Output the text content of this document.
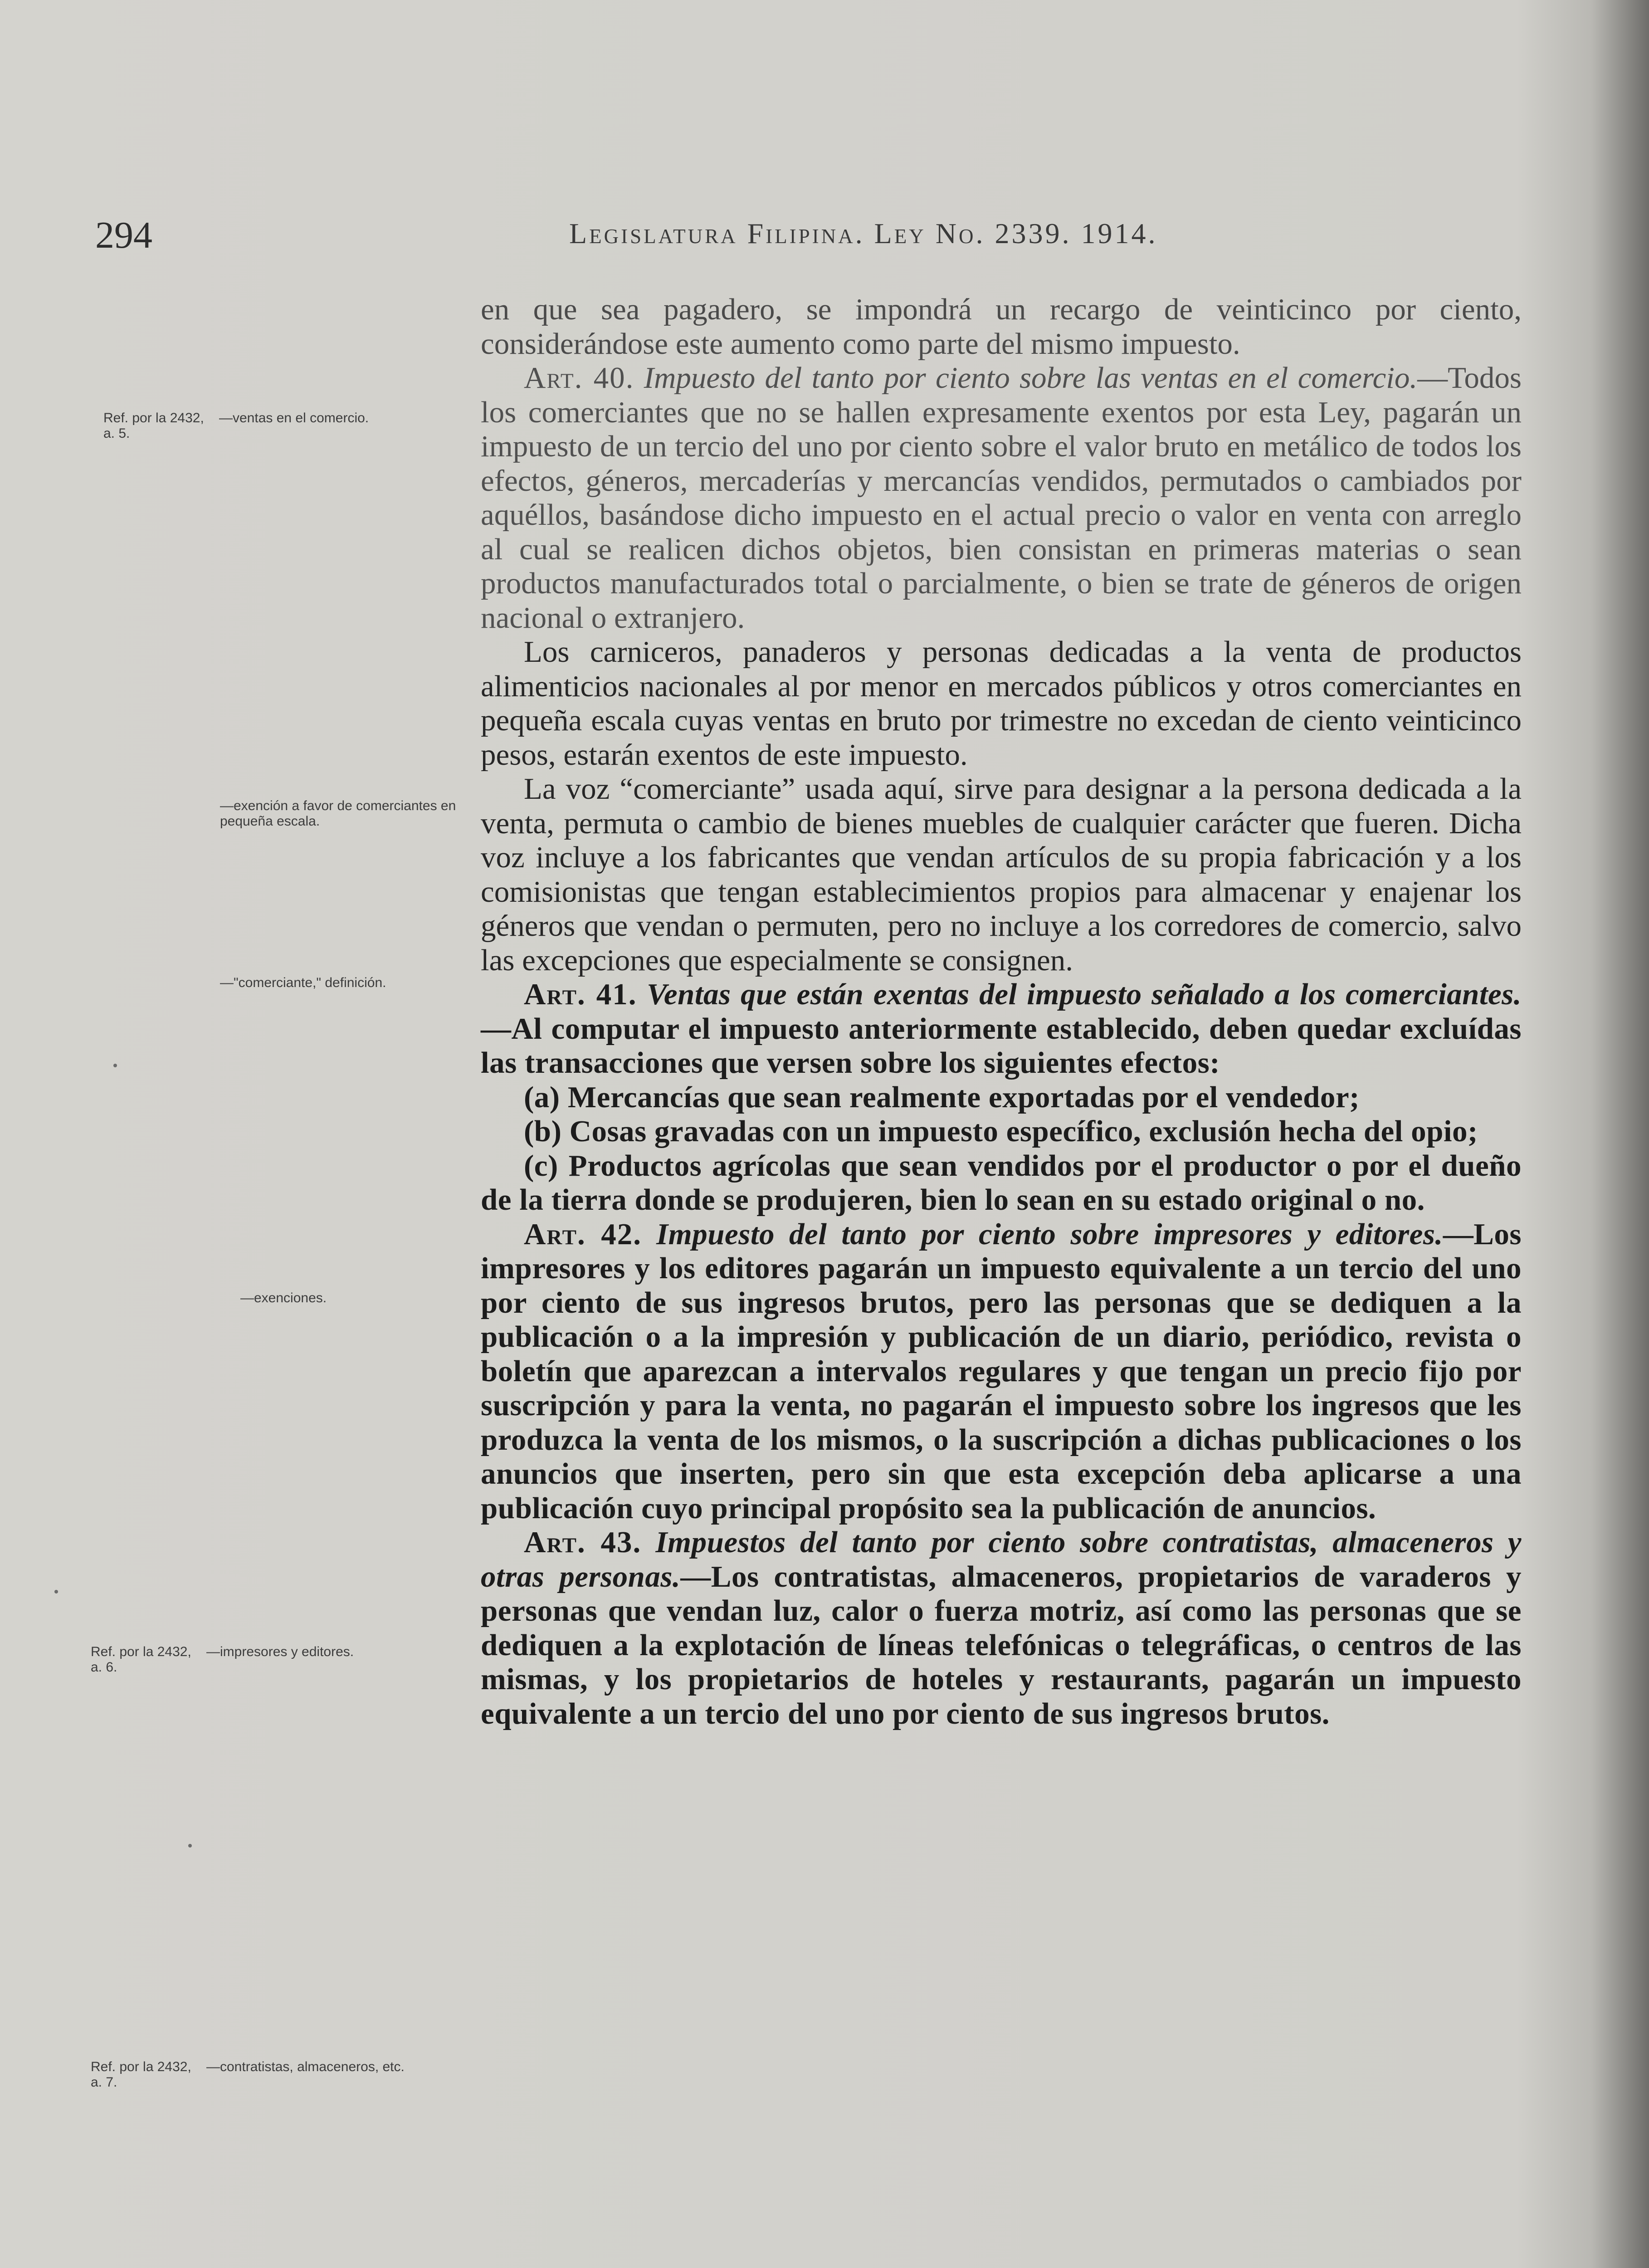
294	Legislatura Filipina. Ley No. 2339. 1914.
Ref. por la 2432, a. 5.
—ventas en el comercio.
—exención a favor de comerciantes en pequeña escala.
—"comerciante," definición.
—exenciones.
Ref. por la 2432, a. 6.
—impresores y editores.
Ref. por la 2432, a. 7.
—contratistas, almaceneros, etc.

en que sea pagadero, se impondrá un recargo de veinticinco por ciento, considerándose este aumento como parte del mismo impuesto.

Art. 40. Impuesto del tanto por ciento sobre las ventas en el comercio.—Todos los comerciantes que no se hallen expresamente exentos por esta Ley, pagarán un impuesto de un tercio del uno por ciento sobre el valor bruto en metálico de todos los efectos, géneros, mercaderías y mercancías vendidos, permutados o cambiados por aquéllos, basándose dicho impuesto en el actual precio o valor en venta con arreglo al cual se realicen dichos objetos, bien consistan en primeras materias o sean productos manufacturados total o parcialmente, o bien se trate de géneros de origen nacional o extranjero.

Los carniceros, panaderos y personas dedicadas a la venta de productos alimenticios nacionales al por menor en mercados públicos y otros comerciantes en pequeña escala cuyas ventas en bruto por trimestre no excedan de ciento veinticinco pesos, estarán exentos de este impuesto.

La voz “comerciante” usada aquí, sirve para designar a la persona dedicada a la venta, permuta o cambio de bienes muebles de cualquier carácter que fueren. Dicha voz incluye a los fabricantes que vendan artículos de su propia fabricación y a los comisionistas que tengan establecimientos propios para almacenar y enajenar los géneros que vendan o permuten, pero no incluye a los corredores de comercio, salvo las excepciones que especialmente se consignen.

Art. 41. Ventas que están exentas del impuesto señalado a los comerciantes.—Al computar el impuesto anteriormente establecido, deben quedar excluídas las transacciones que versen sobre los siguientes efectos:

(a) Mercancías que sean realmente exportadas por el vendedor;

(b) Cosas gravadas con un impuesto específico, exclusión hecha del opio;

(c) Productos agrícolas que sean vendidos por el productor o por el dueño de la tierra donde se produjeren, bien lo sean en su estado original o no.

Art. 42. Impuesto del tanto por ciento sobre impresores y editores.—Los impresores y los editores pagarán un impuesto equivalente a un tercio del uno por ciento de sus ingresos brutos, pero las personas que se dediquen a la publicación o a la impresión y publicación de un diario, periódico, revista o boletín que aparezcan a intervalos regulares y que tengan un precio fijo por suscripción y para la venta, no pagarán el impuesto sobre los ingresos que les produzca la venta de los mismos, o la suscripción a dichas publicaciones o los anuncios que inserten, pero sin que esta excepción deba aplicarse a una publicación cuyo principal propósito sea la publicación de anuncios.

Art. 43. Impuestos del tanto por ciento sobre contratistas, almaceneros y otras personas.—Los contratistas, almaceneros, propietarios de varaderos y personas que vendan luz, calor o fuerza motriz, así como las personas que se dediquen a la explotación de líneas telefónicas o telegráficas, o centros de las mismas, y los propietarios de hoteles y restaurants, pagarán un impuesto equivalente a un tercio del uno por ciento de sus ingresos brutos.
